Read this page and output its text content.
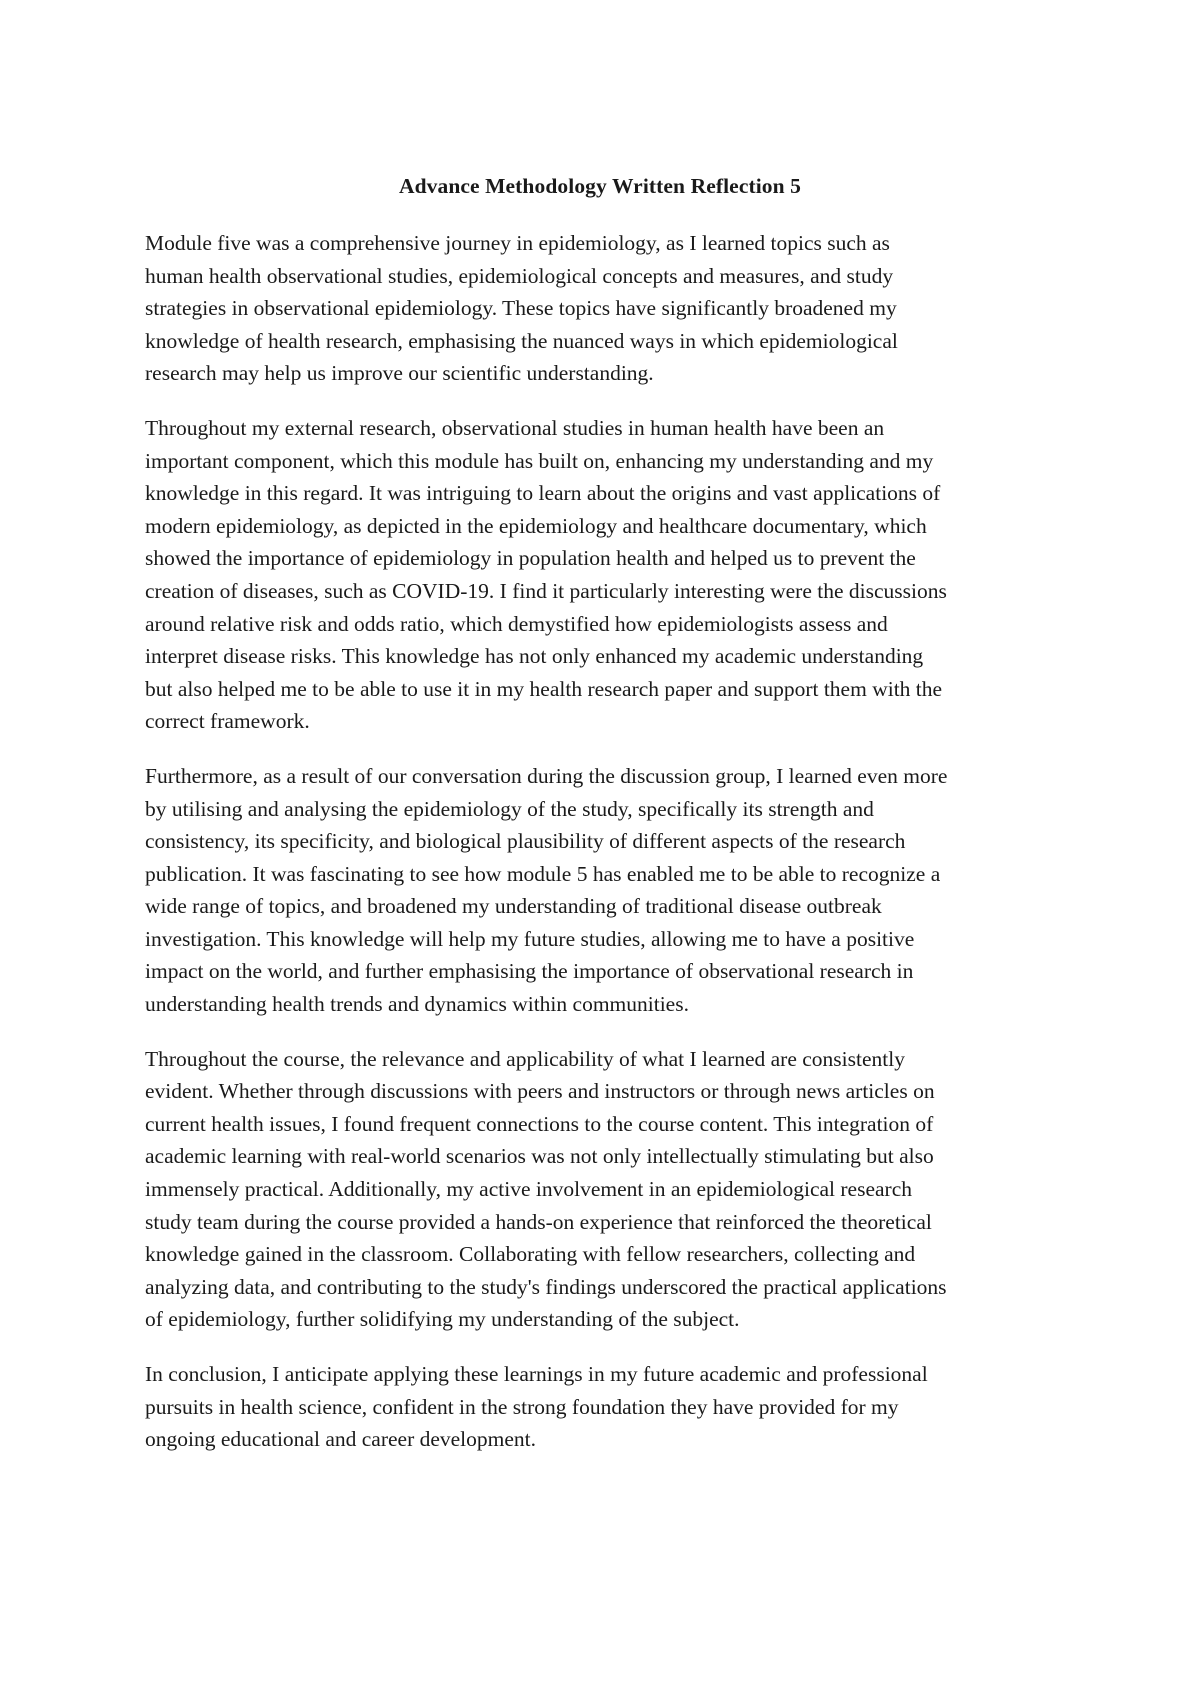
Advance Methodology Written Reflection 5

Module five was a comprehensive journey in epidemiology, as I learned topics such as
human health observational studies, epidemiological concepts and measures, and study
strategies in observational epidemiology. These topics have significantly broadened my
knowledge of health research, emphasising the nuanced ways in which epidemiological
research may help us improve our scientific understanding.

Throughout my external research, observational studies in human health have been an
important component, which this module has built on, enhancing my understanding and my
knowledge in this regard. It was intriguing to learn about the origins and vast applications of
modern epidemiology, as depicted in the epidemiology and healthcare documentary, which
showed the importance of epidemiology in population health and helped us to prevent the
creation of diseases, such as COVID-19. I find it particularly interesting were the discussions
around relative risk and odds ratio, which demystified how epidemiologists assess and
interpret disease risks. This knowledge has not only enhanced my academic understanding
but also helped me to be able to use it in my health research paper and support them with the
correct framework.

Furthermore, as a result of our conversation during the discussion group, I learned even more
by utilising and analysing the epidemiology of the study, specifically its strength and
consistency, its specificity, and biological plausibility of different aspects of the research
publication. It was fascinating to see how module 5 has enabled me to be able to recognize a
wide range of topics, and broadened my understanding of traditional disease outbreak
investigation. This knowledge will help my future studies, allowing me to have a positive
impact on the world, and further emphasising the importance of observational research in
understanding health trends and dynamics within communities.

Throughout the course, the relevance and applicability of what I learned are consistently
evident. Whether through discussions with peers and instructors or through news articles on
current health issues, I found frequent connections to the course content. This integration of
academic learning with real-world scenarios was not only intellectually stimulating but also
immensely practical. Additionally, my active involvement in an epidemiological research
study team during the course provided a hands-on experience that reinforced the theoretical
knowledge gained in the classroom. Collaborating with fellow researchers, collecting and
analyzing data, and contributing to the study's findings underscored the practical applications
of epidemiology, further solidifying my understanding of the subject.

In conclusion, I anticipate applying these learnings in my future academic and professional
pursuits in health science, confident in the strong foundation they have provided for my
ongoing educational and career development.
